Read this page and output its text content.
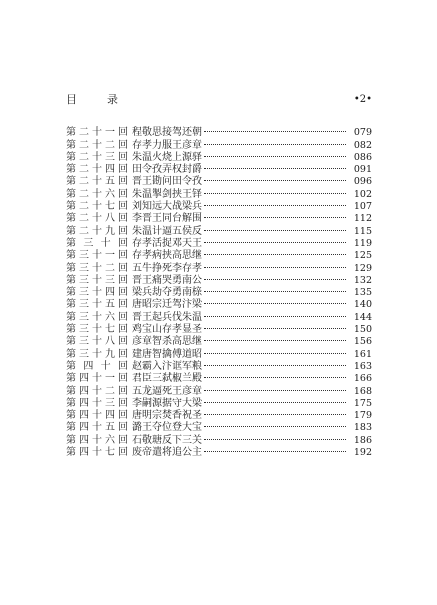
目录	•2•
第二十一回 程敬思接驾还朝	079
第二十二回 存孝力服王彦章	082
第二十三回 朱温火烧上源驿	086
第二十四回 田令孜弄权封爵	091
第二十五回 晋王勘问田令孜	096
第二十六回 朱温掣剑挟王铎	102
第二十七回 刘知远大战梁兵	107
第二十八回 李晋王同台解围	112
第二十九回 朱温计逼五侯反	115
第 三 十 回 存孝活捉邓天王	119
第三十一回 存孝病挟高思继	125
第三十二回 五牛挣死李存孝	129
第三十三回 晋王痛哭勇南公	132
第三十四回 梁兵劫夺勇南榇	135
第三十五回 唐昭宗迁驾汴梁	140
第三十六回 晋王起兵伐朱温	144
第三十七回 鸡宝山存孝显圣	150
第三十八回 彦章智杀高思继	156
第三十九回 建唐智擒傅道昭	161
第 四 十 回 赵霸入汴诓军粮	163
第四十一回 君臣三弑椒兰殿	166
第四十二回 五龙逼死王彦章	168
第四十三回 李嗣源据守大梁	175
第四十四回 唐明宗焚香祝圣	179
第四十五回 潞王夺位登大宝	183
第四十六回 石敬瑭反下三关	186
第四十七回 废帝遣将追公主	192
